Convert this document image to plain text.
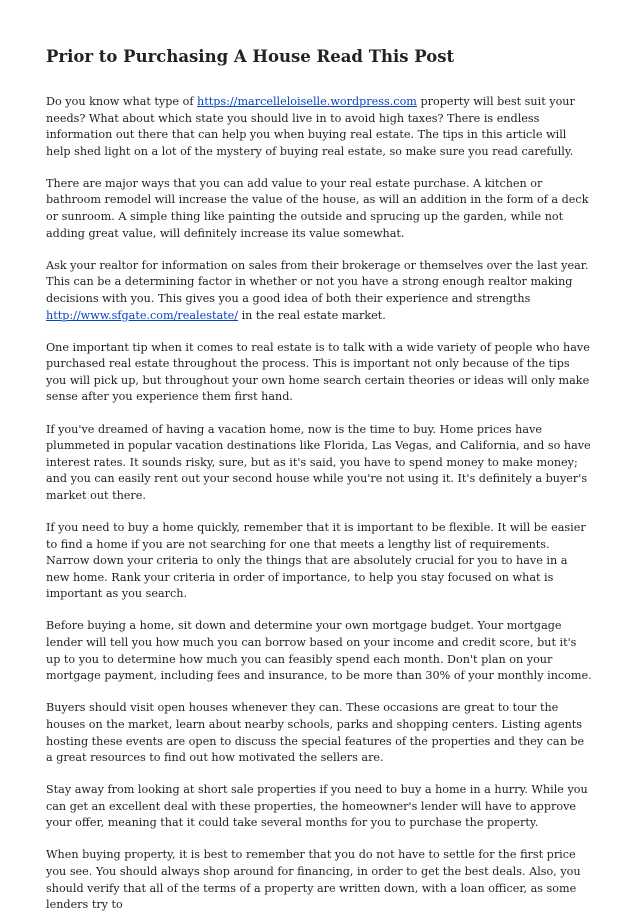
Prior to Purchasing A House Read This Post

Do you know what type of https://marcelleloiselle.wordpress.com property will best suit your needs? What about which state you should live in to avoid high taxes? There is endless information out there that can help you when buying real estate. The tips in this article will help shed light on a lot of the mystery of buying real estate, so make sure you read carefully.

There are major ways that you can add value to your real estate purchase. A kitchen or bathroom remodel will increase the value of the house, as will an addition in the form of a deck or sunroom. A simple thing like painting the outside and sprucing up the garden, while not adding great value, will definitely increase its value somewhat.

Ask your realtor for information on sales from their brokerage or themselves over the last year. This can be a determining factor in whether or not you have a strong enough realtor making decisions with you. This gives you a good idea of both their experience and strengths http://www.sfgate.com/realestate/ in the real estate market.

One important tip when it comes to real estate is to talk with a wide variety of people who have purchased real estate throughout the process. This is important not only because of the tips you will pick up, but throughout your own home search certain theories or ideas will only make sense after you experience them first hand.

If you've dreamed of having a vacation home, now is the time to buy. Home prices have plummeted in popular vacation destinations like Florida, Las Vegas, and California, and so have interest rates. It sounds risky, sure, but as it's said, you have to spend money to make money; and you can easily rent out your second house while you're not using it. It's definitely a buyer's market out there.

If you need to buy a home quickly, remember that it is important to be flexible. It will be easier to find a home if you are not searching for one that meets a lengthy list of requirements. Narrow down your criteria to only the things that are absolutely crucial for you to have in a new home. Rank your criteria in order of importance, to help you stay focused on what is important as you search.

Before buying a home, sit down and determine your own mortgage budget. Your mortgage lender will tell you how much you can borrow based on your income and credit score, but it's up to you to determine how much you can feasibly spend each month. Don't plan on your mortgage payment, including fees and insurance, to be more than 30% of your monthly income.

Buyers should visit open houses whenever they can. These occasions are great to tour the houses on the market, learn about nearby schools, parks and shopping centers. Listing agents hosting these events are open to discuss the special features of the properties and they can be a great resources to find out how motivated the sellers are.

Stay away from looking at short sale properties if you need to buy a home in a hurry. While you can get an excellent deal with these properties, the homeowner's lender will have to approve your offer, meaning that it could take several months for you to purchase the property.

When buying property, it is best to remember that you do not have to settle for the first price you see. You should always shop around for financing, in order to get the best deals. Also, you should verify that all of the terms of a property are written down, with a loan officer, as some lenders try to
